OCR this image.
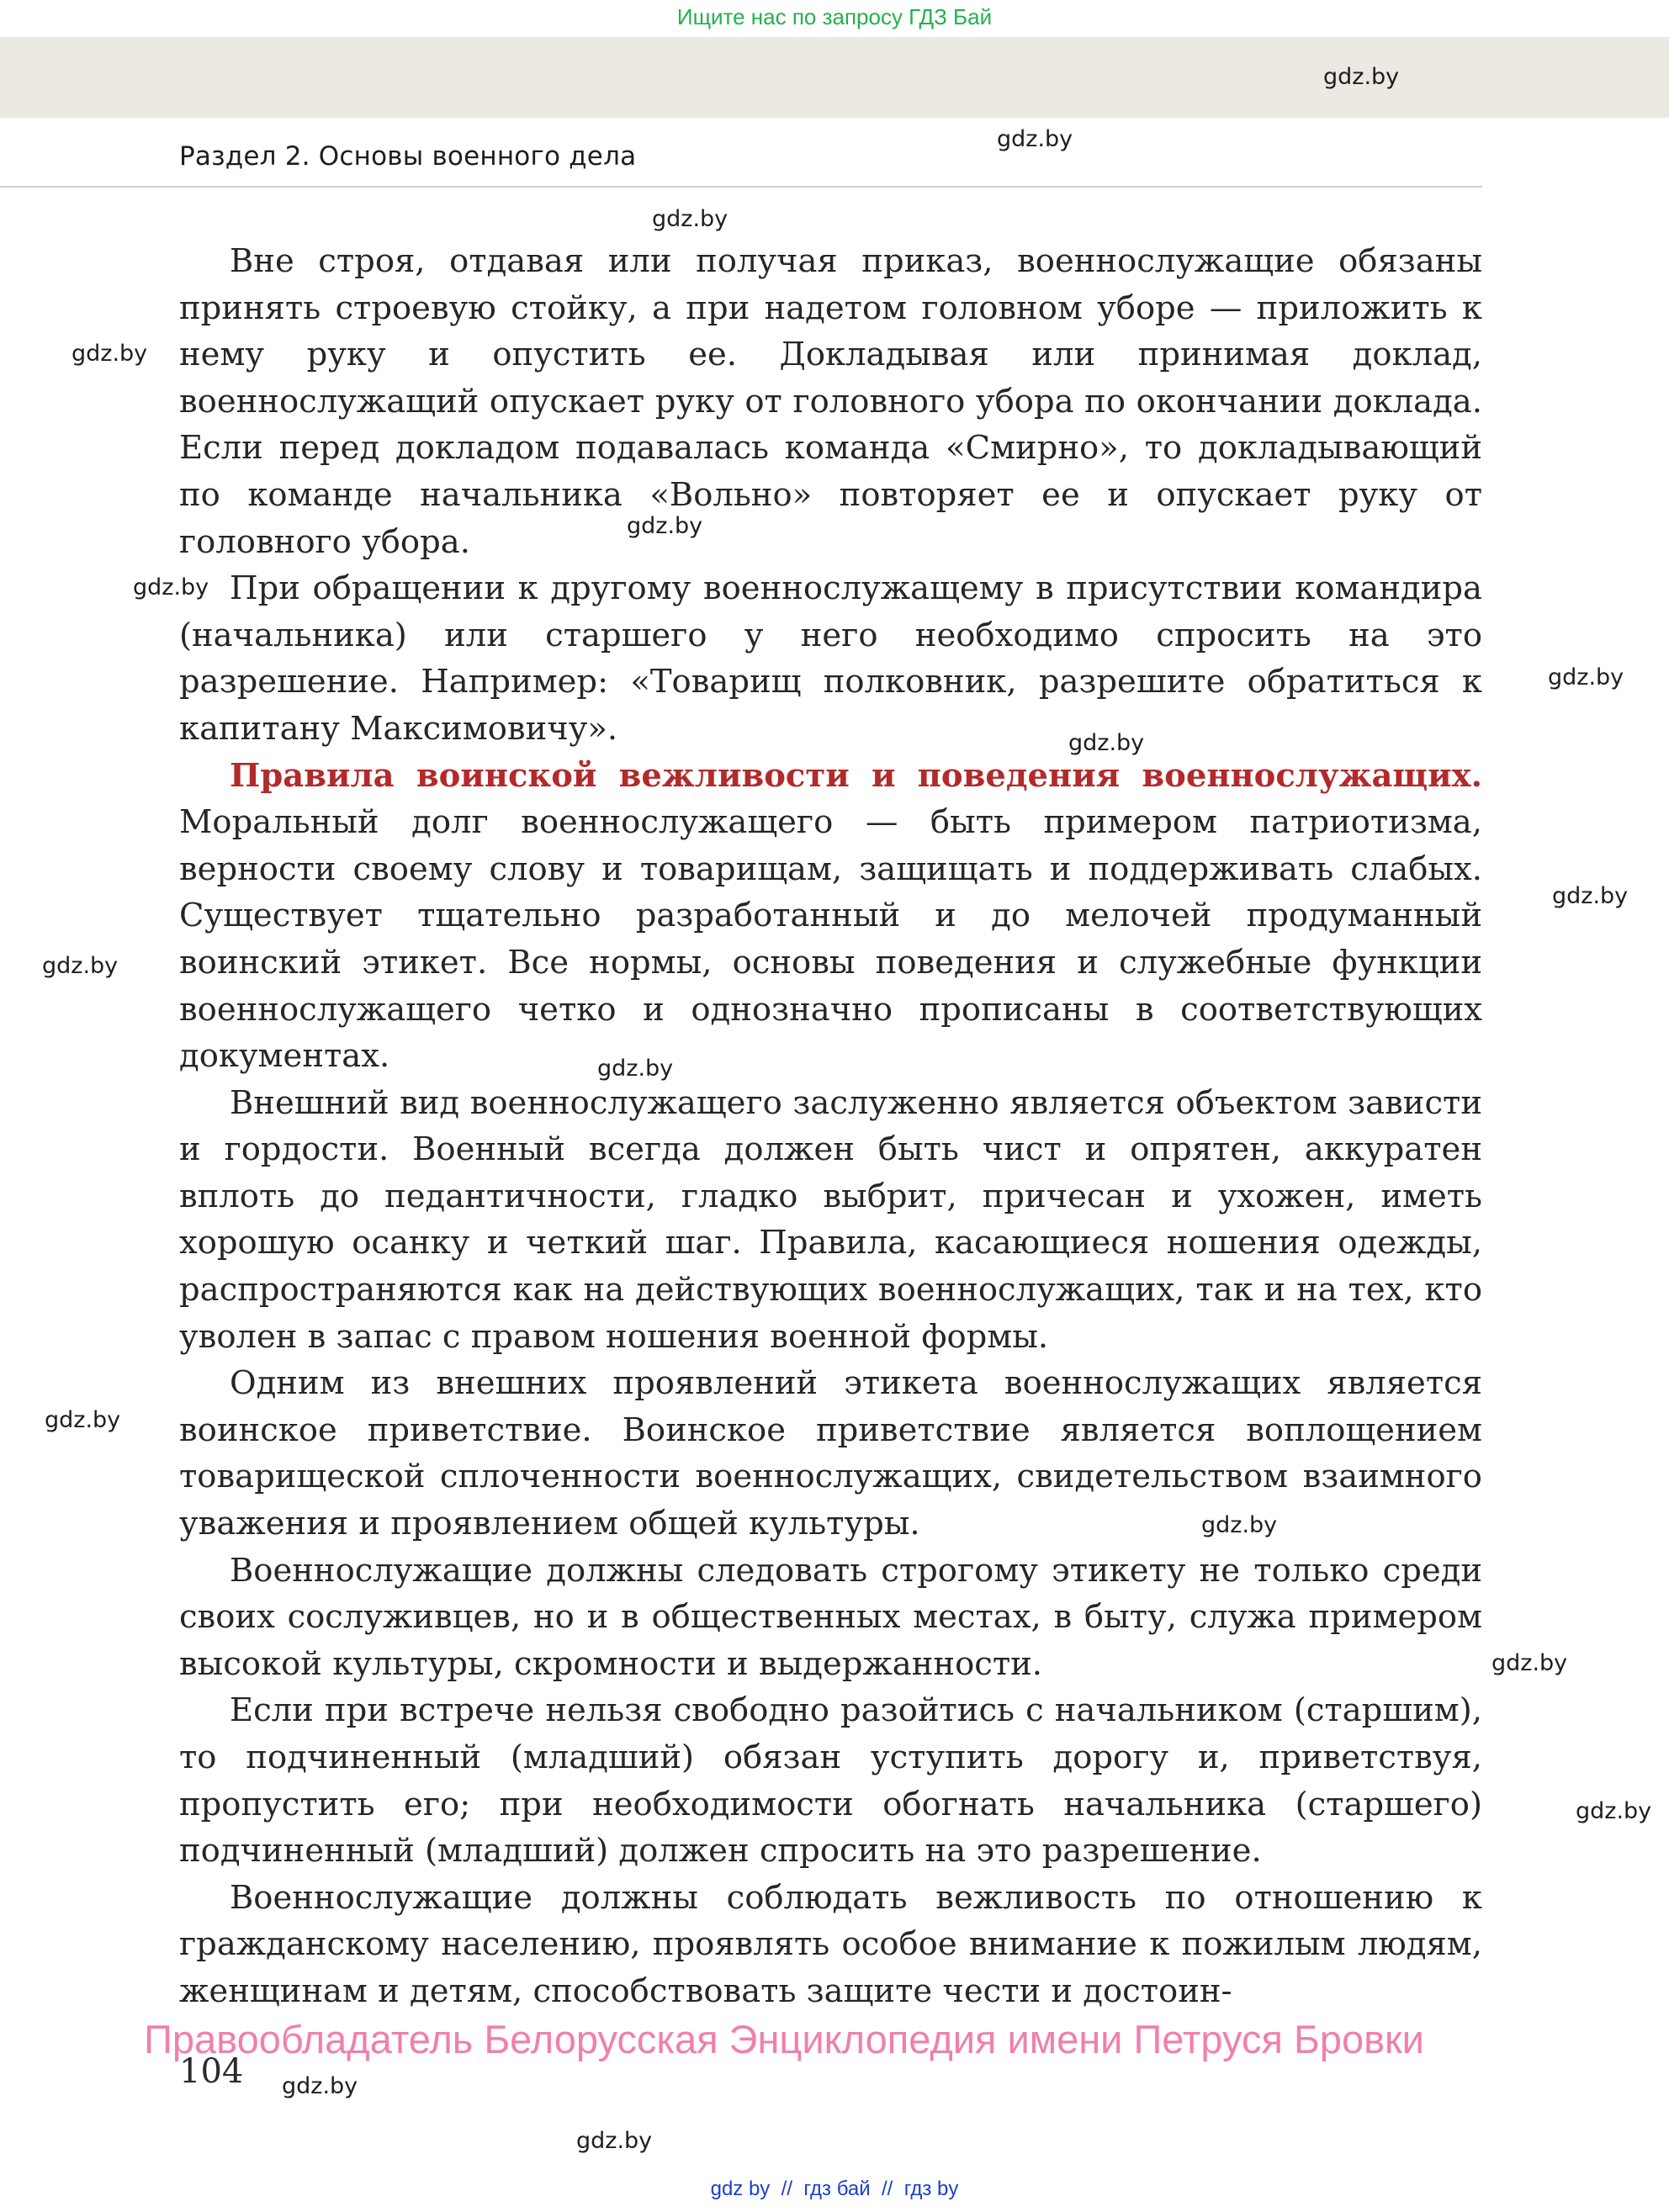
Ищите нас по запросу ГДЗ Бай
Раздел 2. Основы военного дела

Вне строя, отдавая или получая приказ, военнослужащие обязаны принять строевую стойку, а при надетом головном уборе — приложить к нему руку и опустить ее. Докладывая или принимая доклад, военнослужащий опускает руку от головного убора по окончании доклада. Если перед докладом подавалась команда «Смирно», то докладывающий по команде начальника «Вольно» повторяет ее и опускает руку от головного убора.

При обращении к другому военнослужащему в присутствии командира (начальника) или старшего у него необходимо спросить на это разрешение. Например: «Товарищ полковник, разрешите обратиться к капитану Максимовичу».

Правила воинской вежливости и поведения военнослужащих. Моральный долг военнослужащего — быть примером патриотизма, верности своему слову и товарищам, защищать и поддерживать слабых. Существует тщательно разработанный и до мелочей продуманный воинский этикет. Все нормы, основы поведения и служебные функции военнослужащего четко и однозначно прописаны в соответствующих документах.

Внешний вид военнослужащего заслуженно является объектом зависти и гордости. Военный всегда должен быть чист и опрятен, аккуратен вплоть до педантичности, гладко выбрит, причесан и ухожен, иметь хорошую осанку и четкий шаг. Правила, касающиеся ношения одежды, распространяются как на действующих военнослужащих, так и на тех, кто уволен в запас с правом ношения военной формы.

Одним из внешних проявлений этикета военнослужащих является воинское приветствие. Воинское приветствие является воплощением товарищеской сплоченности военнослужащих, свидетельством взаимного уважения и проявлением общей культуры.

Военнослужащие должны следовать строгому этикету не только среди своих сослуживцев, но и в общественных местах, в быту, служа примером высокой культуры, скромности и выдержанности.

Если при встрече нельзя свободно разойтись с начальником (старшим), то подчиненный (младший) обязан уступить дорогу и, приветствуя, пропустить его; при необходимости обогнать начальника (старшего) подчиненный (младший) должен спросить на это разрешение.

Военнослужащие должны соблюдать вежливость по отношению к гражданскому населению, проявлять особое внимание к пожилым людям, женщинам и детям, способствовать защите чести и достоин-

gdz.by
gdz.by
gdz.by
gdz.by
gdz.by
gdz.by
gdz.by
gdz.by
gdz.by
gdz.by
gdz.by
gdz.by
gdz.by
gdz.by
gdz.by
gdz.by
gdz.by
Правообладатель Белорусская Энциклопедия имени Петруся Бровки
104
gdz by // гдз бай // гдз by
